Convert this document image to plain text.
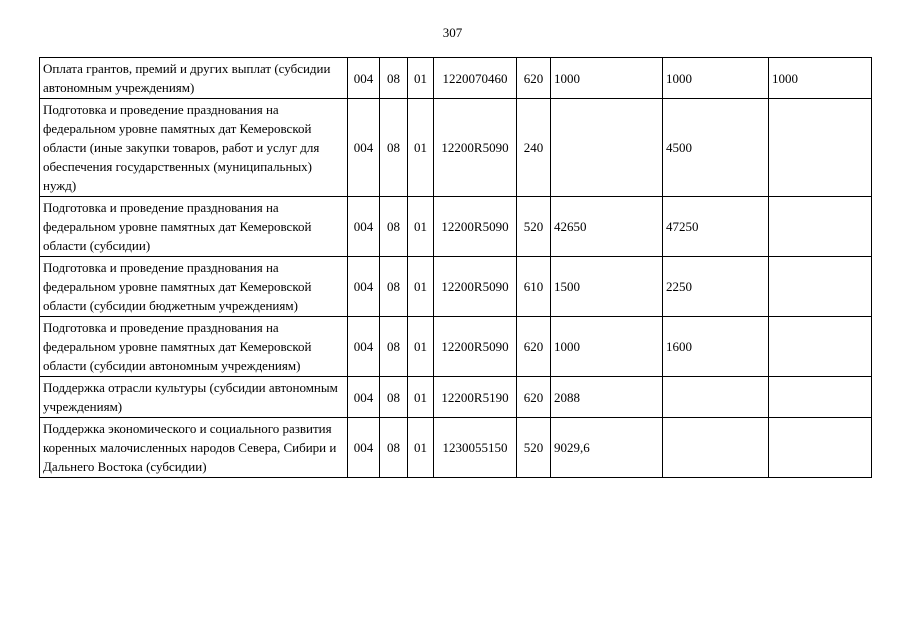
307
Оплата грантов, премий и других выплат (субсидии автономным учреждениям)	004	08	01	1220070460	620	1000	1000	1000
Подготовка и проведение празднования на федеральном уровне памятных дат Кемеровской области (иные закупки товаров, работ и услуг для обеспечения государственных (муниципальных) нужд)	004	08	01	12200R5090	240		4500	
Подготовка и проведение празднования на федеральном уровне памятных дат Кемеровской области (субсидии)	004	08	01	12200R5090	520	42650	47250	
Подготовка и проведение празднования на федеральном уровне памятных дат Кемеровской области (субсидии бюджетным учреждениям)	004	08	01	12200R5090	610	1500	2250	
Подготовка и проведение празднования на федеральном уровне памятных дат Кемеровской области (субсидии автономным учреждениям)	004	08	01	12200R5090	620	1000	1600	
Поддержка отрасли культуры (субсидии автономным учреждениям)	004	08	01	12200R5190	620	2088		
Поддержка экономического и социального развития коренных малочисленных народов Севера, Сибири и Дальнего Востока (субсидии)	004	08	01	1230055150	520	9029,6		
